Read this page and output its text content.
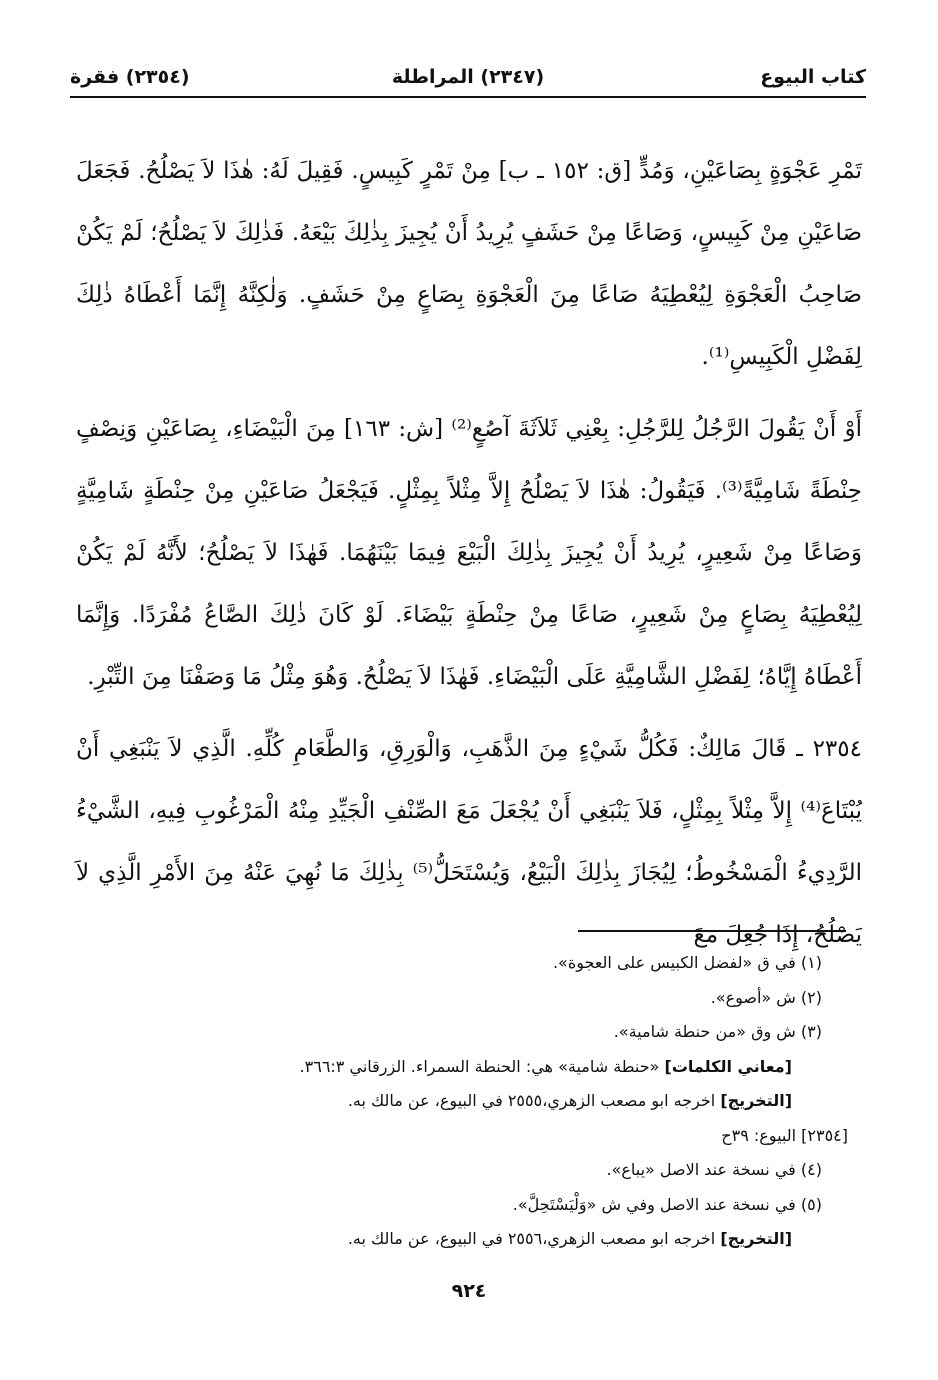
كتاب البيوع
(٢٣٤٧) المراطلة
(٢٣٥٤) فقرة

تَمْرِ عَجْوَةٍ بِصَاعَيْنِ، وَمُدٍّ [ق: ١٥٢ ـ ب] مِنْ تَمْرٍ كَبِيسٍ. فَقِيلَ لَهُ: هٰذَا لاَ يَصْلُحُ. فَجَعَلَ صَاعَيْنِ مِنْ كَبِيسٍ، وَصَاعًا مِنْ حَشَفٍ يُرِيدُ أَنْ يُجِيزَ بِذٰلِكَ بَيْعَهُ. فَذٰلِكَ لاَ يَصْلُحُ؛ لَمْ يَكُنْ صَاحِبُ الْعَجْوَةِ لِيُعْطِيَهُ صَاعًا مِنَ الْعَجْوَةِ بِصَاعٍ مِنْ حَشَفٍ. وَلٰكِنَّهُ إِنَّمَا أَعْطَاهُ ذٰلِكَ لِفَضْلِ الْكَبِيسِ⁽¹⁾.

أَوْ أَنْ يَقُولَ الرَّجُلُ لِلرَّجُلِ: بِعْنِي ثَلاَثَةَ آصُعٍ⁽²⁾ [ش: ١٦٣] مِنَ الْبَيْضَاءِ، بِصَاعَيْنِ وَنِصْفٍ حِنْطَةً شَامِيَّةً⁽³⁾. فَيَقُولُ: هٰذَا لاَ يَصْلُحُ إِلاَّ مِثْلاً بِمِثْلٍ. فَيَجْعَلُ صَاعَيْنِ مِنْ حِنْطَةٍ شَامِيَّةٍ وَصَاعًا مِنْ شَعِيرٍ، يُرِيدُ أَنْ يُجِيزَ بِذٰلِكَ الْبَيْعَ فِيمَا بَيْنَهُمَا. فَهٰذَا لاَ يَصْلُحُ؛ لأَنَّهُ لَمْ يَكُنْ لِيُعْطِيَهُ بِصَاعٍ مِنْ شَعِيرٍ، صَاعًا مِنْ حِنْطَةٍ بَيْضَاءَ. لَوْ كَانَ ذٰلِكَ الصَّاعُ مُفْرَدًا. وَإِنَّمَا أَعْطَاهُ إِيَّاهُ؛ لِفَضْلِ الشَّامِيَّةِ عَلَى الْبَيْضَاءِ. فَهٰذَا لاَ يَصْلُحُ. وَهُوَ مِثْلُ مَا وَصَفْنَا مِنَ التِّبْرِ.

٢٣٥٤ ـ قَالَ مَالِكٌ: فَكُلُّ شَيْءٍ مِنَ الذَّهَبِ، وَالْوَرِقِ، وَالطَّعَامِ كُلِّهِ. الَّذِي لاَ يَنْبَغِي أَنْ يُبْتَاعَ⁽⁴⁾ إِلاَّ مِثْلاً بِمِثْلٍ، فَلاَ يَنْبَغِي أَنْ يُجْعَلَ مَعَ الصِّنْفِ الْجَيِّدِ مِنْهُ الْمَرْغُوبِ فِيهِ، الشَّيْءُ الرَّدِيءُ الْمَسْخُوطُ؛ لِيُجَازَ بِذٰلِكَ الْبَيْعُ، وَيُسْتَحَلُّ⁽⁵⁾ بِذٰلِكَ مَا نُهِيَ عَنْهُ مِنَ الأَمْرِ الَّذِي لاَ يَصْلُحُ، إِذَا جُعِلَ مَعَ

(١) في ق «لفضل الكبيس على العجوة».
(٢) ش «أصوع».
(٣) ش وق «من حنطة شامية».
[معاني الكلمات] «حنطة شامية» هي: الحنطة السمراء. الزرقاني ٣٦٦:٣.
[التخريج] اخرجه ابو مصعب الزهري،٢٥٥٥ في البيوع، عن مالك به.
[٢٣٥٤] البيوع: ٣٩ح
(٤) في نسخة عند الاصل «يباع».
(٥) في نسخة عند الاصل وفي ش «وَلْيَسْتَحِلَّ».
[التخريج] اخرجه ابو مصعب الزهري،٢٥٥٦ في البيوع، عن مالك به.
٩٢٤
